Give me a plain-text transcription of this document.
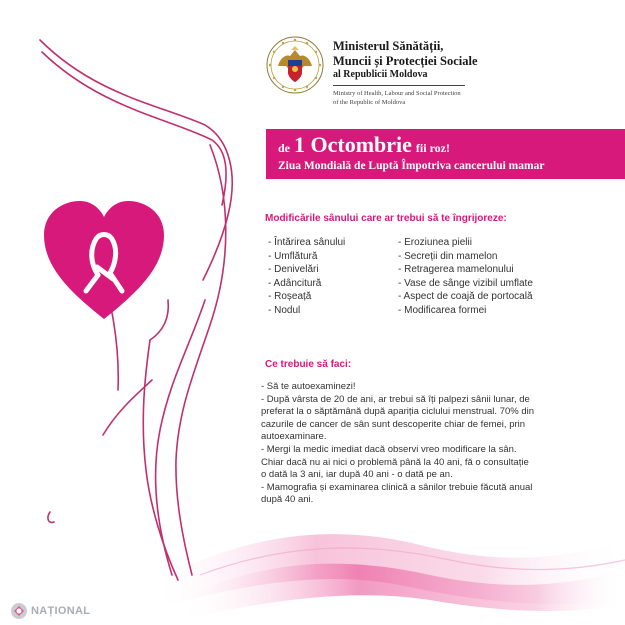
Ministerul Sănătății,
Muncii și Protecției Sociale
al Republicii Moldova
Ministry of Health, Labour and Social Protection
of the Republic of Moldova
de 1 Octombrie fii roz!
Ziua Mondială de Luptă Împotriva cancerului mamar
Modificările sânului care ar trebui să te îngrijoreze:
- Întărirea sânului
- Umflătură
- Denivelări
- Adâncitură
- Roșeață
- Nodul
- Eroziunea pielii
- Secreții din mamelon
- Retragerea mamelonului
- Vase de sânge vizibil umflate
- Aspect de coajă de portocală
- Modificarea formei
Ce trebuie să faci:
- Să te autoexaminezi!
- După vârsta de 20 de ani, ar trebui să îți palpezi sânii lunar, de
preferat la o săptămână după apariția ciclului menstrual. 70% din
cazurile de cancer de sân sunt descoperite chiar de femei, prin
autoexaminare.
- Mergi la medic imediat dacă observi vreo modificare la sân.
Chiar dacă nu ai nici o problemă până la 40 ani, fă o consultație
o dată la 3 ani, iar după 40 ani - o dată pe an.
- Mamografia și examinarea clinică a sânilor trebuie făcută anual
după 40 ani.
NAȚIONAL
